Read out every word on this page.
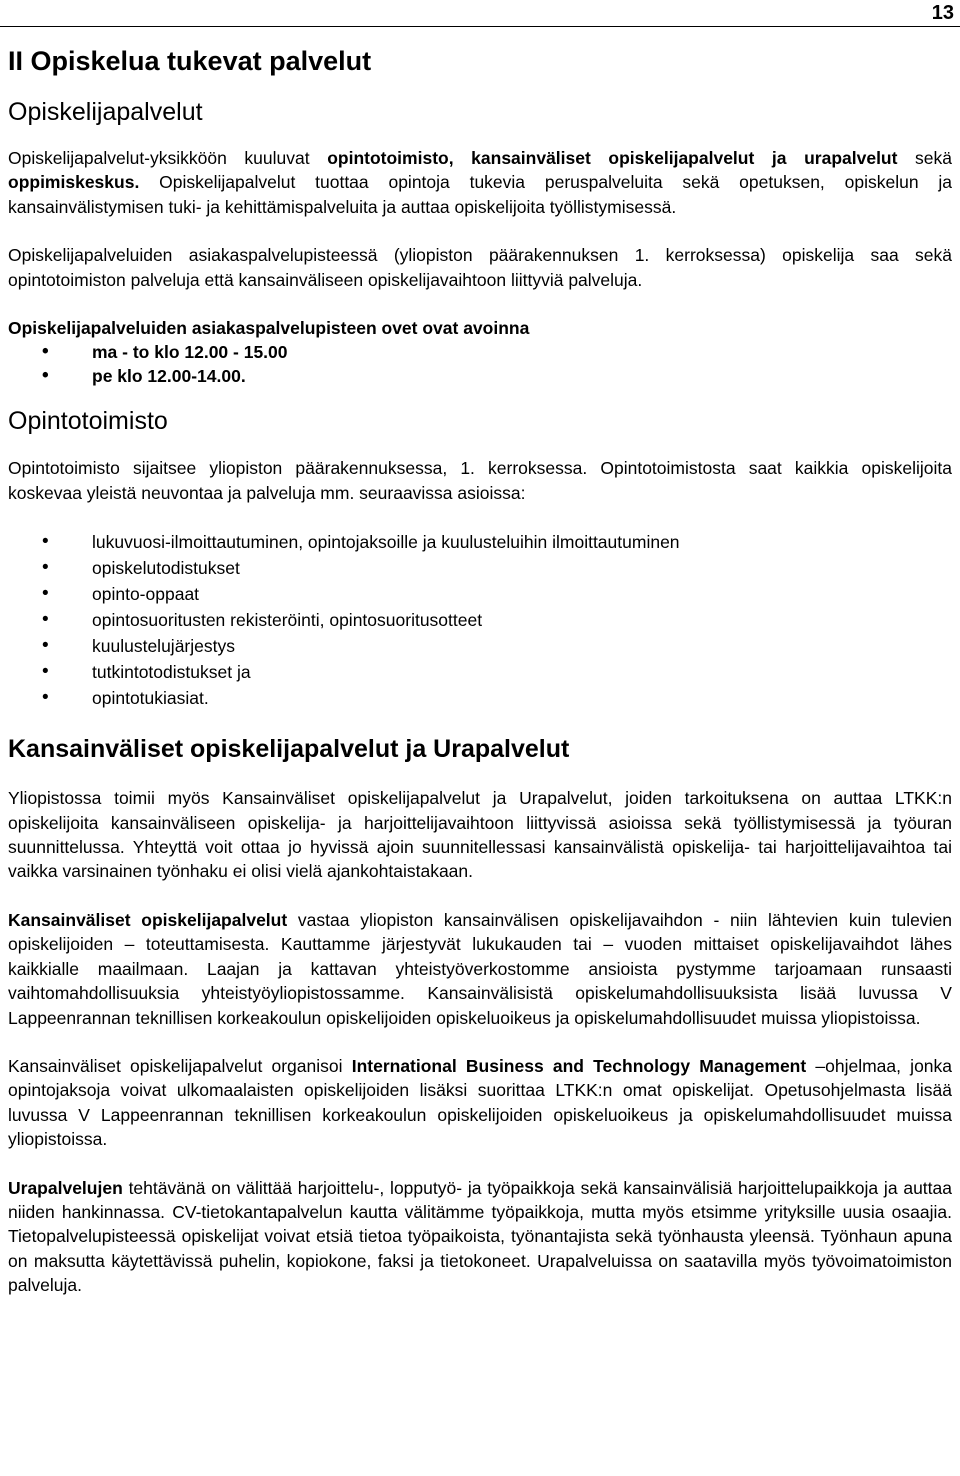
13
II Opiskelua tukevat palvelut
Opiskelijapalvelut

Opiskelijapalvelut-yksikköön kuuluvat opintotoimisto, kansainväliset opiskelijapalvelut ja urapalvelut sekä oppimiskeskus. Opiskelijapalvelut tuottaa opintoja tukevia peruspalveluita sekä opetuksen, opiskelun ja kansainvälistymisen tuki- ja kehittämispalveluita ja auttaa opiskelijoita työllistymisessä.

Opiskelijapalveluiden asiakaspalvelupisteessä (yliopiston päärakennuksen 1. kerroksessa) opiskelija saa sekä opintotoimiston palveluja että kansainväliseen opiskelijavaihtoon liittyviä palveluja.

Opiskelijapalveluiden asiakaspalvelupisteen ovet ovat avoinna

• ma - to klo 12.00 - 15.00
• pe klo 12.00-14.00.
Opintotoimisto

Opintotoimisto sijaitsee yliopiston päärakennuksessa, 1. kerroksessa. Opintotoimistosta saat kaikkia opiskelijoita koskevaa yleistä neuvontaa ja palveluja mm. seuraavissa asioissa:

• lukuvuosi-ilmoittautuminen, opintojaksoille ja kuulusteluihin ilmoittautuminen
• opiskelutodistukset
• opinto-oppaat
• opintosuoritusten rekisteröinti, opintosuoritusotteet
• kuulustelujärjestys
• tutkintotodistukset ja
• opintotukiasiat.
Kansainväliset opiskelijapalvelut ja Urapalvelut

Yliopistossa toimii myös Kansainväliset opiskelijapalvelut ja Urapalvelut, joiden tarkoituksena on auttaa LTKK:n opiskelijoita kansainväliseen opiskelija- ja harjoittelijavaihtoon liittyvissä asioissa sekä työllistymisessä ja työuran suunnittelussa. Yhteyttä voit ottaa jo hyvissä ajoin suunnitellessasi kansainvälistä opiskelija- tai harjoittelijavaihtoa tai vaikka varsinainen työnhaku ei olisi vielä ajankohtaistakaan.

Kansainväliset opiskelijapalvelut vastaa yliopiston kansainvälisen opiskelijavaihdon - niin lähtevien kuin tulevien opiskelijoiden – toteuttamisesta. Kauttamme järjestyvät lukukauden tai – vuoden mittaiset opiskelijavaihdot lähes kaikkialle maailmaan. Laajan ja kattavan yhteistyöverkostomme ansioista pystymme tarjoamaan runsaasti vaihtomahdollisuuksia yhteistyöyliopistossamme. Kansainvälisistä opiskelumahdollisuuksista lisää luvussa V Lappeenrannan teknillisen korkeakoulun opiskelijoiden opiskeluoikeus ja opiskelumahdollisuudet muissa yliopistoissa.

Kansainväliset opiskelijapalvelut organisoi International Business and Technology Management –ohjelmaa, jonka opintojaksoja voivat ulkomaalaisten opiskelijoiden lisäksi suorittaa LTKK:n omat opiskelijat. Opetusohjelmasta lisää luvussa V Lappeenrannan teknillisen korkeakoulun opiskelijoiden opiskeluoikeus ja opiskelumahdollisuudet muissa yliopistoissa.

Urapalvelujen tehtävänä on välittää harjoittelu-, lopputyö- ja työpaikkoja sekä kansainvälisiä harjoittelupaikkoja ja auttaa niiden hankinnassa. CV-tietokantapalvelun kautta välitämme työpaikkoja, mutta myös etsimme yrityksille uusia osaajia. Tietopalvelupisteessä opiskelijat voivat etsiä tietoa työpaikoista, työnantajista sekä työnhausta yleensä. Työnhaun apuna on maksutta käytettävissä puhelin, kopiokone, faksi ja tietokoneet. Urapalveluissa on saatavilla myös työvoimatoimiston palveluja.
